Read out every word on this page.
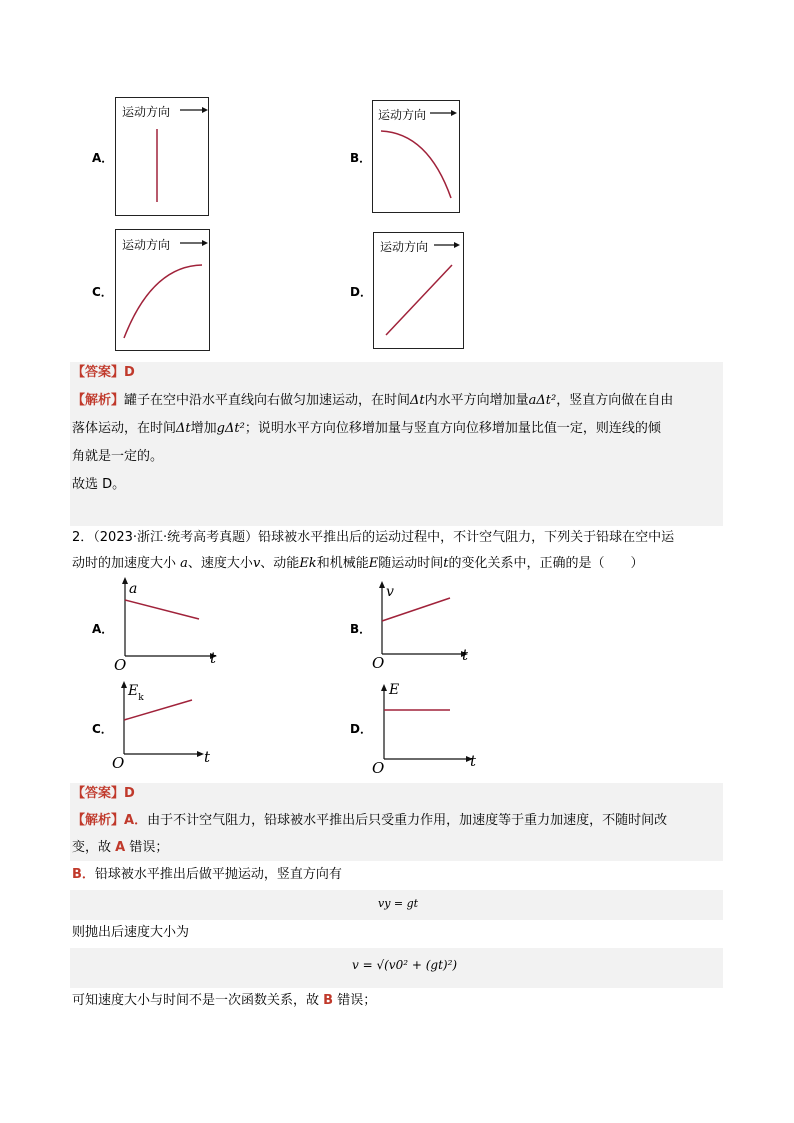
A．
运动方向
B．
运动方向
C．
运动方向
D．
运动方向
【答案】D
【解析】罐子在空中沿水平直线向右做匀加速运动，在时间Δt内水平方向增加量aΔt²，竖直方向做在自由
落体运动，在时间Δt增加gΔt²；说明水平方向位移增加量与竖直方向位移增加量比值一定，则连线的倾
角就是一定的。
故选 D。
2．（2023·浙江·统考高考真题）铅球被水平推出后的运动过程中，不计空气阻力，下列关于铅球在空中运
动时的加速度大小 a、速度大小v、动能Ek和机械能E随运动时间t的变化关系中，正确的是（　　）
A．
a
O	t
B．
v
O	t
C．
$E_k$
O	t
D．
E
O	t
【答案】D
【解析】A．由于不计空气阻力，铅球被水平推出后只受重力作用，加速度等于重力加速度，不随时间改
变，故 A 错误；
B．铅球被水平推出后做平抛运动，竖直方向有
vy = gt
则抛出后速度大小为
v = √(v0² + (gt)²)
可知速度大小与时间不是一次函数关系，故 B 错误；
